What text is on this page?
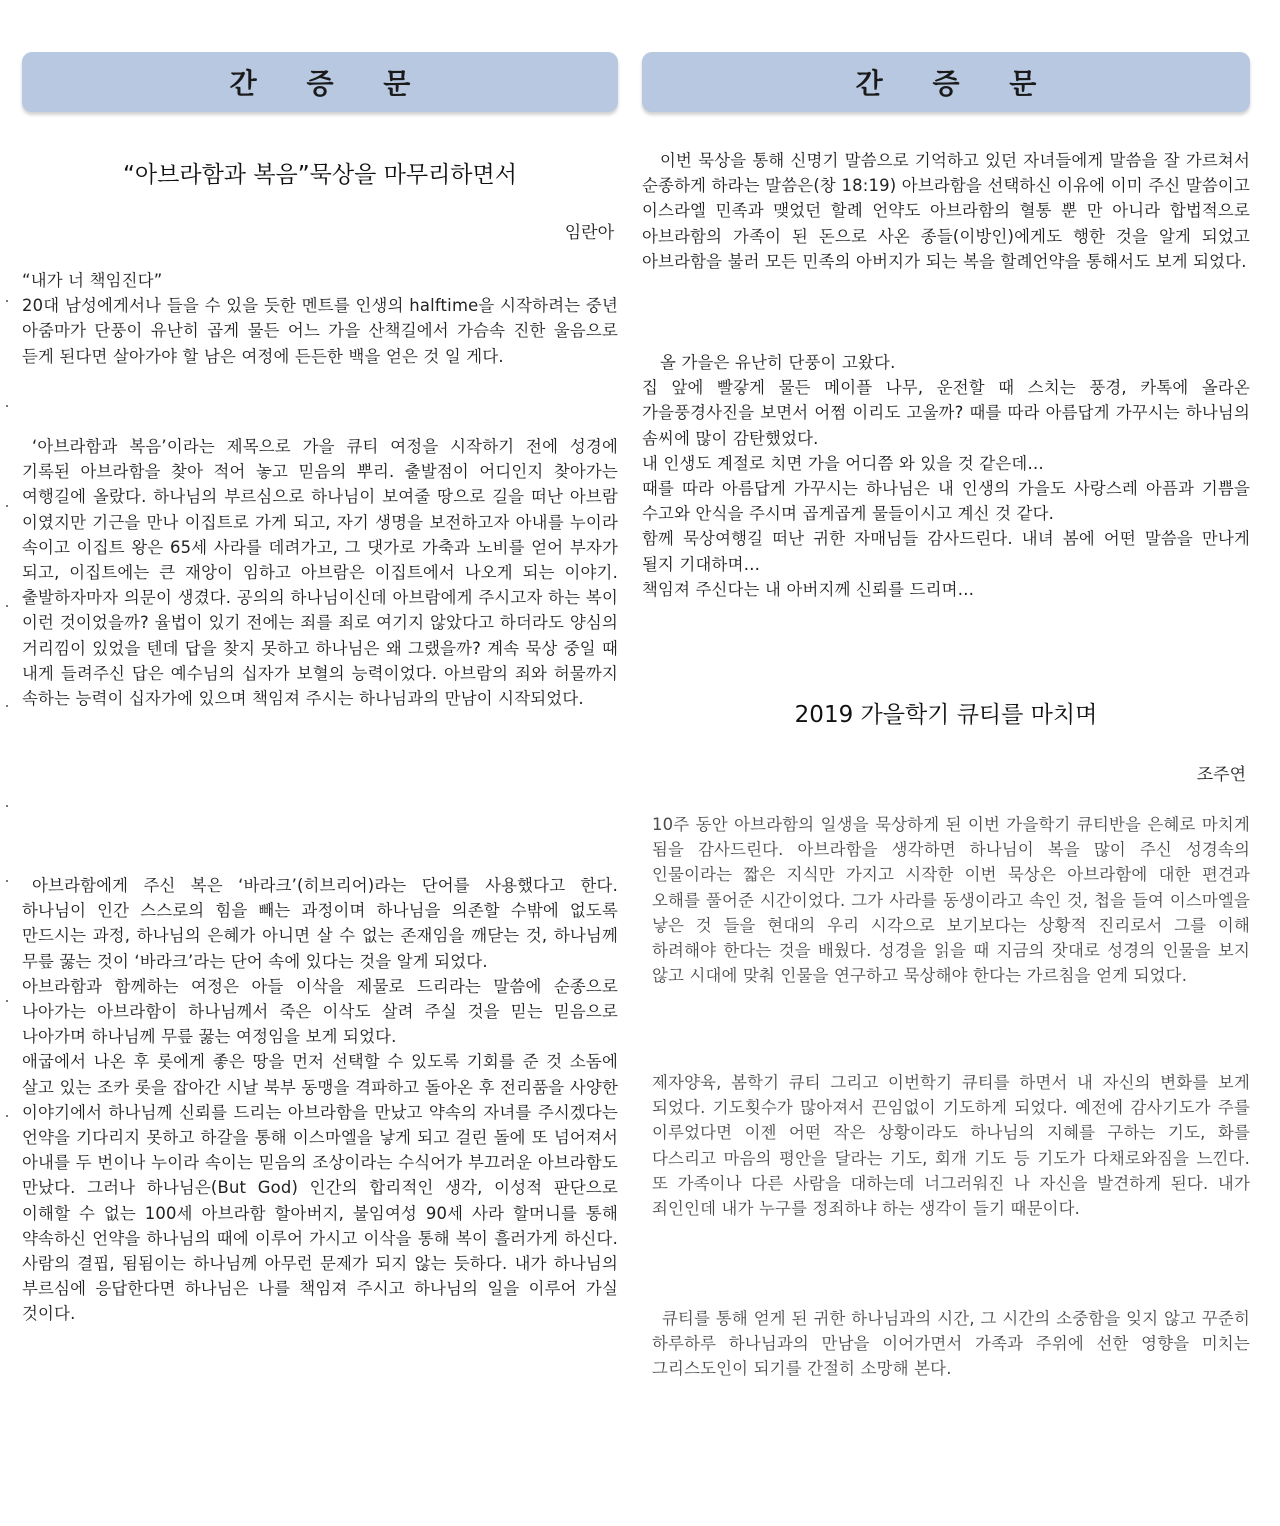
간 증 문
“아브라함과 복음”묵상을 마무리하면서
임란아

“내가 너 책임진다”
20대 남성에게서나 들을 수 있을 듯한 멘트를 인생의 halftime을 시작하려는 중년 아줌마가 단풍이 유난히 곱게 물든 어느 가을 산책길에서 가슴속 진한 울음으로 듣게 된다면 살아가야 할 남은 여정에 든든한 백을 얻은 것 일 게다.

‘아브라함과 복음’이라는 제목으로 가을 큐티 여정을 시작하기 전에 성경에 기록된 아브라함을 찾아 적어 놓고 믿음의 뿌리. 출발점이 어디인지 찾아가는 여행길에 올랐다. 하나님의 부르심으로 하나님이 보여줄 땅으로 길을 떠난 아브람 이였지만 기근을 만나 이집트로 가게 되고, 자기 생명을 보전하고자 아내를 누이라 속이고 이집트 왕은 65세 사라를 데려가고, 그 댓가로 가축과 노비를 얻어 부자가 되고, 이집트에는 큰 재앙이 임하고 아브람은 이집트에서 나오게 되는 이야기. 출발하자마자 의문이 생겼다. 공의의 하나님이신데 아브람에게 주시고자 하는 복이 이런 것이었을까? 율법이 있기 전에는 죄를 죄로 여기지 않았다고 하더라도 양심의 거리낌이 있었을 텐데 답을 찾지 못하고 하나님은 왜 그랬을까? 계속 묵상 중일 때 내게 들려주신 답은 예수님의 십자가 보혈의 능력이었다. 아브람의 죄와 허물까지 속하는 능력이 십자가에 있으며 책임져 주시는 하나님과의 만남이 시작되었다.

아브라함에게 주신 복은 ‘바라크’(히브리어)라는 단어를 사용했다고 한다. 하나님이 인간 스스로의 힘을 빼는 과정이며 하나님을 의존할 수밖에 없도록 만드시는 과정, 하나님의 은혜가 아니면 살 수 없는 존재임을 깨닫는 것, 하나님께 무릎 꿇는 것이 ‘바라크’라는 단어 속에 있다는 것을 알게 되었다.
아브라함과 함께하는 여정은 아들 이삭을 제물로 드리라는 말씀에 순종으로 나아가는 아브라함이 하나님께서 죽은 이삭도 살려 주실 것을 믿는 믿음으로 나아가며 하나님께 무릎 꿇는 여정임을 보게 되었다.
애굽에서 나온 후 롯에게 좋은 땅을 먼저 선택할 수 있도록 기회를 준 것 소돔에 살고 있는 조카 롯을 잡아간 시날 북부 동맹을 격파하고 돌아온 후 전리품을 사양한 이야기에서 하나님께 신뢰를 드리는 아브라함을 만났고 약속의 자녀를 주시겠다는 언약을 기다리지 못하고 하갈을 통해 이스마엘을 낳게 되고 걸린 돌에 또 넘어져서 아내를 두 번이나 누이라 속이는 믿음의 조상이라는 수식어가 부끄러운 아브라함도 만났다. 그러나 하나님은(But God) 인간의 합리적인 생각, 이성적 판단으로 이해할 수 없는 100세 아브라함 할아버지, 불임여성 90세 사라 할머니를 통해 약속하신 언약을 하나님의 때에 이루어 가시고 이삭을 통해 복이 흘러가게 하신다. 사람의 결핍, 됨됨이는 하나님께 아무런 문제가 되지 않는 듯하다. 내가 하나님의 부르심에 응답한다면 하나님은 나를 책임져 주시고 하나님의 일을 이루어 가실 것이다.

간 증 문

이번 묵상을 통해 신명기 말씀으로 기억하고 있던 자녀들에게 말씀을 잘 가르쳐서 순종하게 하라는 말씀은(창 18:19) 아브라함을 선택하신 이유에 이미 주신 말씀이고 이스라엘 민족과 맺었던 할례 언약도 아브라함의 혈통 뿐 만 아니라 합법적으로 아브라함의 가족이 된 돈으로 사온 종들(이방인)에게도 행한 것을 알게 되었고 아브라함을 불러 모든 민족의 아버지가 되는 복을 할례언약을 통해서도 보게 되었다.

올 가을은 유난히 단풍이 고왔다.
집 앞에 빨갛게 물든 메이플 나무, 운전할 때 스치는 풍경, 카톡에 올라온 가을풍경사진을 보면서 어쩜 이리도 고울까? 때를 따라 아름답게 가꾸시는 하나님의 솜씨에 많이 감탄했었다.
내 인생도 계절로 치면 가을 어디쯤 와 있을 것 같은데…
때를 따라 아름답게 가꾸시는 하나님은 내 인생의 가을도 사랑스레 아픔과 기쁨을 수고와 안식을 주시며 곱게곱게 물들이시고 계신 것 같다.
함께 묵상여행길 떠난 귀한 자매님들 감사드린다. 내녀 봄에 어떤 말씀을 만나게 될지 기대하며…
책임져 주신다는 내 아버지께 신뢰를 드리며…

2019 가을학기 큐티를 마치며
조주연

10주 동안 아브라함의 일생을 묵상하게 된 이번 가을학기 큐티반을 은혜로 마치게 됨을 감사드린다. 아브라함을 생각하면 하나님이 복을 많이 주신 성경속의 인물이라는 짧은 지식만 가지고 시작한 이번 묵상은 아브라함에 대한 편견과 오해를 풀어준 시간이었다. 그가 사라를 동생이라고 속인 것, 첩을 들여 이스마엘을 낳은 것 들을 현대의 우리 시각으로 보기보다는 상황적 진리로서 그를 이해 하려해야 한다는 것을 배웠다. 성경을 읽을 때 지금의 잣대로 성경의 인물을 보지 않고 시대에 맞춰 인물을 연구하고 묵상해야 한다는 가르침을 얻게 되었다.

제자양육, 봄학기 큐티 그리고 이번학기 큐티를 하면서 내 자신의 변화를 보게 되었다. 기도횟수가 많아져서 끈임없이 기도하게 되었다. 예전에 감사기도가 주를 이루었다면 이젠 어떤 작은 상황이라도 하나님의 지혜를 구하는 기도, 화를 다스리고 마음의 평안을 달라는 기도, 회개 기도 등 기도가 다채로와짐을 느낀다. 또 가족이나 다른 사람을 대하는데 너그러워진 나 자신을 발견하게 된다. 내가 죄인인데 내가 누구를 정죄하냐 하는 생각이 들기 때문이다.

큐티를 통해 얻게 된 귀한 하나님과의 시간, 그 시간의 소중함을 잊지 않고 꾸준히 하루하루 하나님과의 만남을 이어가면서 가족과 주위에 선한 영향을 미치는 그리스도인이 되기를 간절히 소망해 본다.
